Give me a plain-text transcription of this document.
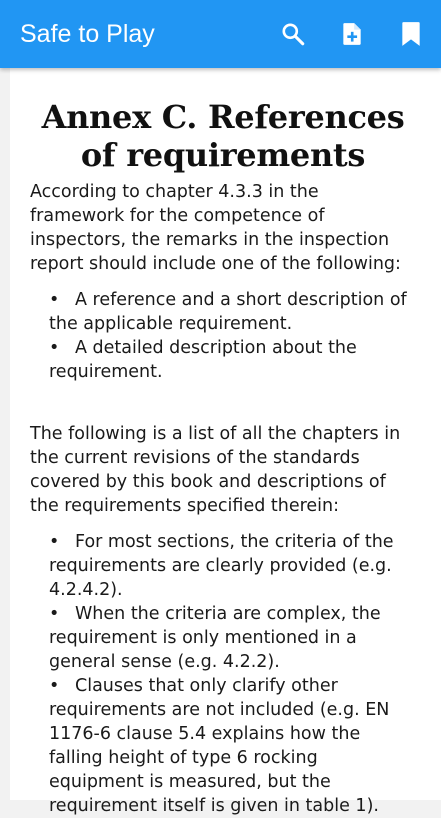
Safe to Play
Annex C. References of requirements

According to chapter 4.3.3 in the framework for the competence of inspectors, the remarks in the inspection report should include one of the following:

• A reference and a short description of the applicable requirement.
• A detailed description about the requirement.

The following is a list of all the chapters in the current revisions of the standards covered by this book and descriptions of the requirements specified therein:

• For most sections, the criteria of the requirements are clearly provided (e.g. 4.2.4.2).
• When the criteria are complex, the requirement is only mentioned in a general sense (e.g. 4.2.2).
• Clauses that only clarify other requirements are not included (e.g. EN 1176-6 clause 5.4 explains how the falling height of type 6 rocking equipment is measured, but the requirement itself is given in table 1).
